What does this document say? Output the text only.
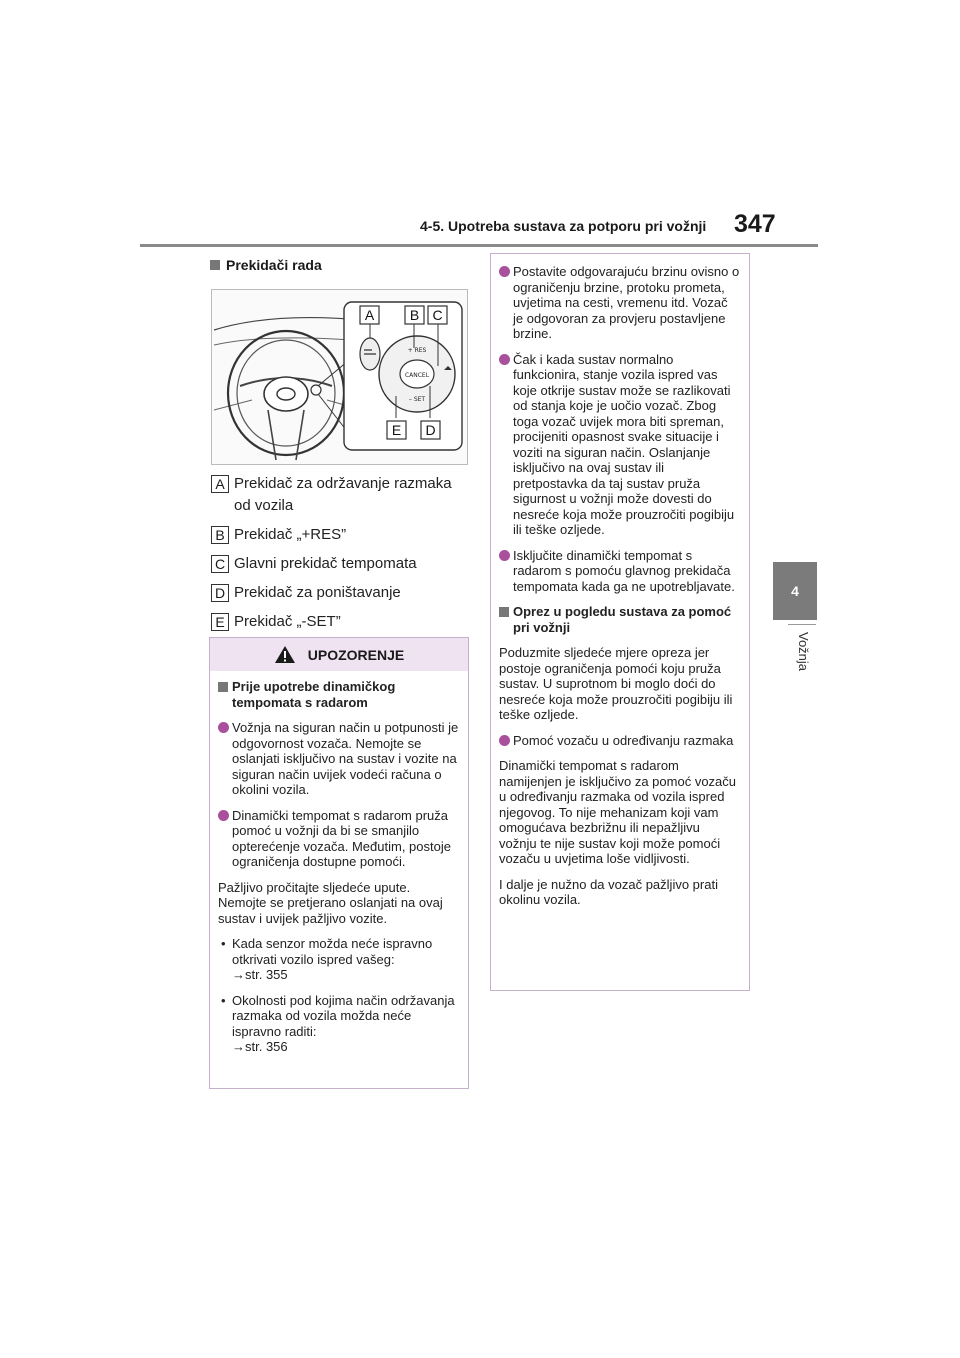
4-5. Upotreba sustava za potporu pri vožnji 347
4
Vožnja
Prekidači rada
CANCEL
+ RES
– SET
A	B C
E D
A Prekidač za održavanje razmaka od vozila
B Prekidač „+RES”
C Glavni prekidač tempomata
D Prekidač za poništavanje
E Prekidač „-SET”
UPOZORENJE
Prije upotrebe dinamičkog tempomata s radarom
Vožnja na siguran način u potpunosti je odgovornost vozača. Nemojte se oslanjati isključivo na sustav i vozite na siguran način uvijek vodeći računa o okolini vozila.
Dinamički tempomat s radarom pruža pomoć u vožnji da bi se smanjilo opterećenje vozača. Međutim, postoje ograničenja dostupne pomoći.
Pažljivo pročitajte sljedeće upute. Nemojte se pretjerano oslanjati na ovaj sustav i uvijek pažljivo vozite.
• Kada senzor možda neće ispravno otkrivati vozilo ispred vašeg:
→str. 355
• Okolnosti pod kojima način održavanja razmaka od vozila možda neće ispravno raditi:
→str. 356
Postavite odgovarajuću brzinu ovisno o ograničenju brzine, protoku prometa, uvjetima na cesti, vremenu itd. Vozač je odgovoran za provjeru postavljene brzine.
Čak i kada sustav normalno funkcionira, stanje vozila ispred vas koje otkrije sustav može se razlikovati od stanja koje je uočio vozač. Zbog toga vozač uvijek mora biti spreman, procijeniti opasnost svake situacije i voziti na siguran način. Oslanjanje isključivo na ovaj sustav ili pretpostavka da taj sustav pruža sigurnost u vožnji može dovesti do nesreće koja može prouzročiti pogibiju ili teške ozljede.
Isključite dinamički tempomat s radarom s pomoću glavnog prekidača tempomata kada ga ne upotrebljavate.
Oprez u pogledu sustava za pomoć pri vožnji
Poduzmite sljedeće mjere opreza jer postoje ograničenja pomoći koju pruža sustav. U suprotnom bi moglo doći do nesreće koja može prouzročiti pogibiju ili teške ozljede.
Pomoć vozaču u određivanju razmaka
Dinamički tempomat s radarom namijenjen je isključivo za pomoć vozaču u određivanju razmaka od vozila ispred njegovog. To nije mehanizam koji vam omogućava bezbrižnu ili nepažljivu vožnju te nije sustav koji može pomoći vozaču u uvjetima loše vidljivosti.
I dalje je nužno da vozač pažljivo prati okolinu vozila.
